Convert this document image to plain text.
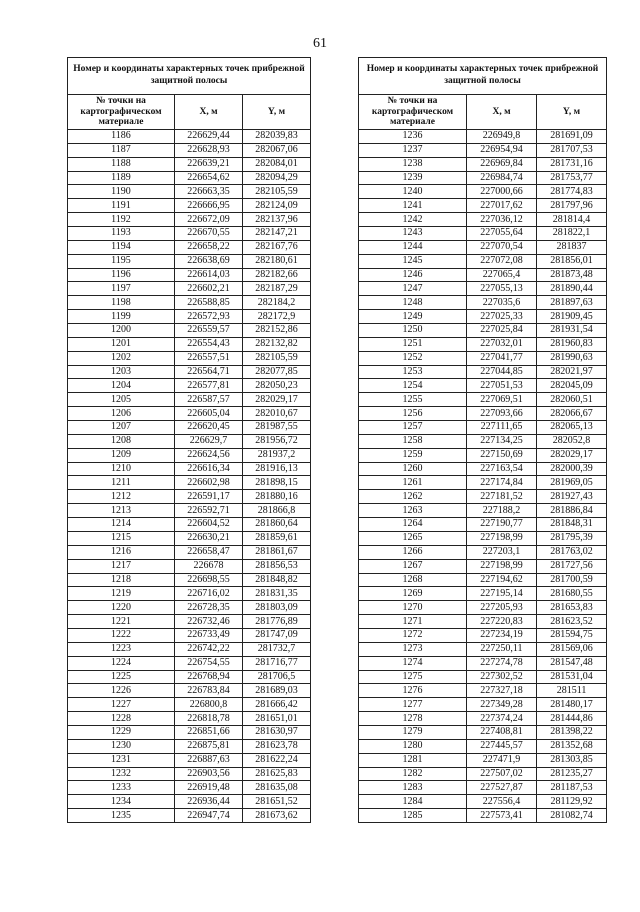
61
Номер и координаты характерных точек прибрежной защитной полосы		
№ точки на картографическом материале	X, м	Y, м
1186	226629,44	282039,83
1187	226628,93	282067,06
1188	226639,21	282084,01
1189	226654,62	282094,29
1190	226663,35	282105,59
1191	226666,95	282124,09
1192	226672,09	282137,96
1193	226670,55	282147,21
1194	226658,22	282167,76
1195	226638,69	282180,61
1196	226614,03	282182,66
1197	226602,21	282187,29
1198	226588,85	282184,2
1199	226572,93	282172,9
1200	226559,57	282152,86
1201	226554,43	282132,82
1202	226557,51	282105,59
1203	226564,71	282077,85
1204	226577,81	282050,23
1205	226587,57	282029,17
1206	226605,04	282010,67
1207	226620,45	281987,55
1208	226629,7	281956,72
1209	226624,56	281937,2
1210	226616,34	281916,13
1211	226602,98	281898,15
1212	226591,17	281880,16
1213	226592,71	281866,8
1214	226604,52	281860,64
1215	226630,21	281859,61
1216	226658,47	281861,67
1217	226678	281856,53
1218	226698,55	281848,82
1219	226716,02	281831,35
1220	226728,35	281803,09
1221	226732,46	281776,89
1222	226733,49	281747,09
1223	226742,22	281732,7
1224	226754,55	281716,77
1225	226768,94	281706,5
1226	226783,84	281689,03
1227	226800,8	281666,42
1228	226818,78	281651,01
1229	226851,66	281630,97
1230	226875,81	281623,78
1231	226887,63	281622,24
1232	226903,56	281625,83
1233	226919,48	281635,08
1234	226936,44	281651,52
1235	226947,74	281673,62
Номер и координаты характерных точек прибрежной защитной полосы		
№ точки на картографическом материале	X, м	Y, м
1236	226949,8	281691,09
1237	226954,94	281707,53
1238	226969,84	281731,16
1239	226984,74	281753,77
1240	227000,66	281774,83
1241	227017,62	281797,96
1242	227036,12	281814,4
1243	227055,64	281822,1
1244	227070,54	281837
1245	227072,08	281856,01
1246	227065,4	281873,48
1247	227055,13	281890,44
1248	227035,6	281897,63
1249	227025,33	281909,45
1250	227025,84	281931,54
1251	227032,01	281960,83
1252	227041,77	281990,63
1253	227044,85	282021,97
1254	227051,53	282045,09
1255	227069,51	282060,51
1256	227093,66	282066,67
1257	227111,65	282065,13
1258	227134,25	282052,8
1259	227150,69	282029,17
1260	227163,54	282000,39
1261	227174,84	281969,05
1262	227181,52	281927,43
1263	227188,2	281886,84
1264	227190,77	281848,31
1265	227198,99	281795,39
1266	227203,1	281763,02
1267	227198,99	281727,56
1268	227194,62	281700,59
1269	227195,14	281680,55
1270	227205,93	281653,83
1271	227220,83	281623,52
1272	227234,19	281594,75
1273	227250,11	281569,06
1274	227274,78	281547,48
1275	227302,52	281531,04
1276	227327,18	281511
1277	227349,28	281480,17
1278	227374,24	281444,86
1279	227408,81	281398,22
1280	227445,57	281352,68
1281	227471,9	281303,85
1282	227507,02	281235,27
1283	227527,87	281187,53
1284	227556,4	281129,92
1285	227573,41	281082,74
